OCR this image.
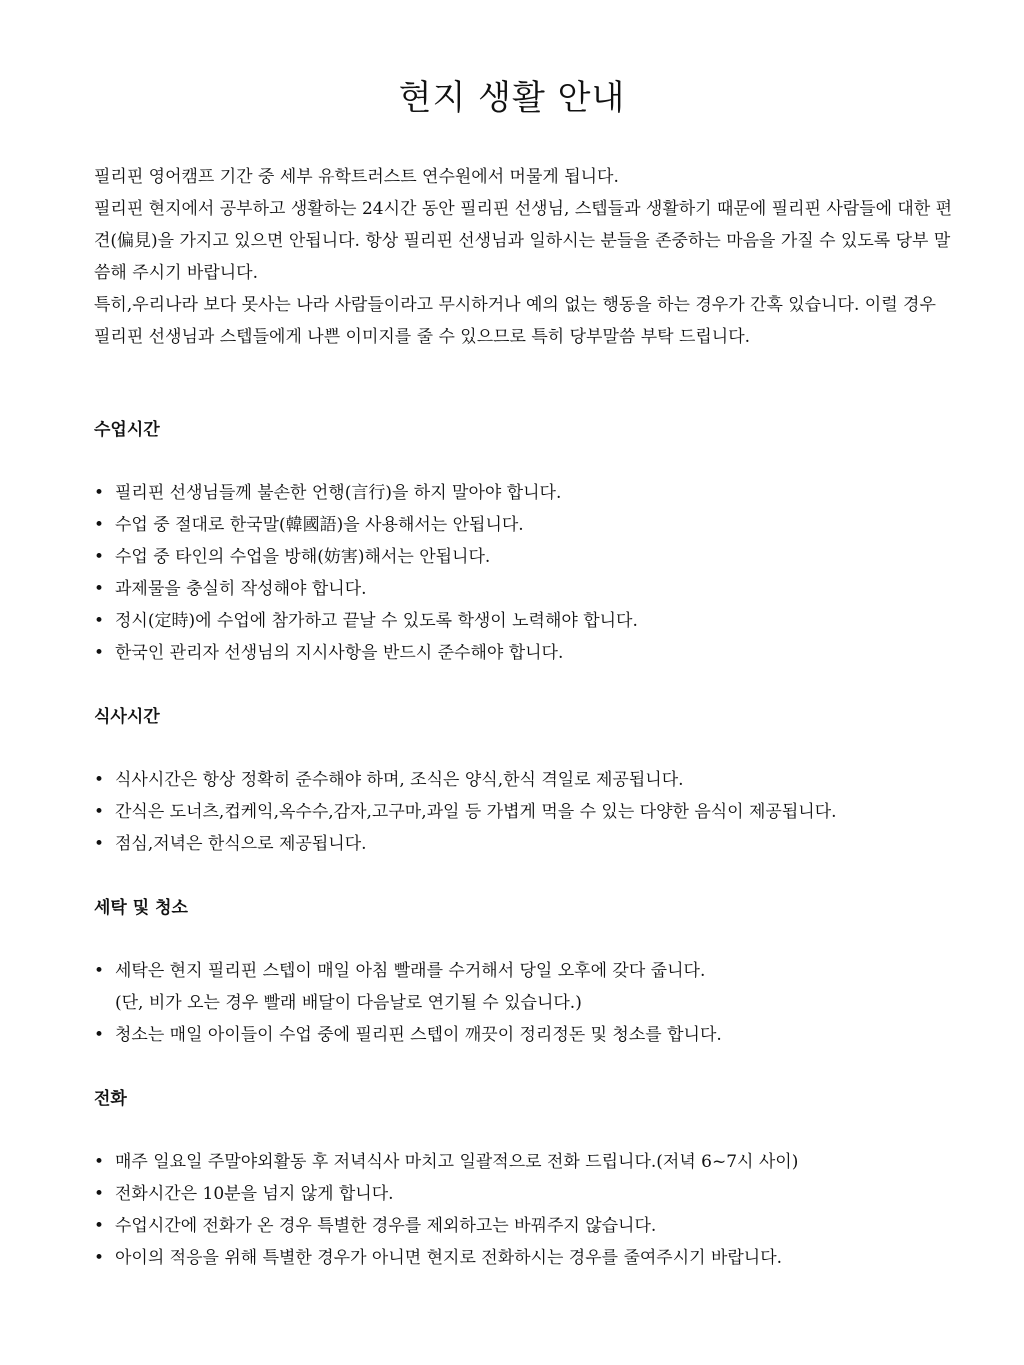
현지 생활 안내

필리핀 영어캠프 기간 중 세부 유학트러스트 연수원에서 머물게 됩니다.

필리핀 현지에서 공부하고 생활하는 24시간 동안 필리핀 선생님, 스텝들과 생활하기 때문에 필리핀 사람들에 대한 편견(偏見)을 가지고 있으면 안됩니다. 항상 필리핀 선생님과 일하시는 분들을 존중하는 마음을 가질 수 있도록 당부 말씀해 주시기 바랍니다.

특히,우리나라 보다 못사는 나라 사람들이라고 무시하거나 예의 없는 행동을 하는 경우가 간혹 있습니다. 이럴 경우 필리핀 선생님과 스텝들에게 나쁜 이미지를 줄 수 있으므로 특히 당부말씀 부탁 드립니다.

수업시간
• 필리핀 선생님들께 불손한 언행(言行)을 하지 말아야 합니다.
• 수업 중 절대로 한국말(韓國語)을 사용해서는 안됩니다.
• 수업 중 타인의 수업을 방해(妨害)해서는 안됩니다.
• 과제물을 충실히 작성해야 합니다.
• 정시(定時)에 수업에 참가하고 끝날 수 있도록 학생이 노력해야 합니다.
• 한국인 관리자 선생님의 지시사항을 반드시 준수해야 합니다.
식사시간
• 식사시간은 항상 정확히 준수해야 하며, 조식은 양식,한식 격일로 제공됩니다.
• 간식은 도너츠,컵케익,옥수수,감자,고구마,과일 등 가볍게 먹을 수 있는 다양한 음식이 제공됩니다.
• 점심,저녁은 한식으로 제공됩니다.
세탁 및 청소
• 세탁은 현지 필리핀 스텝이 매일 아침 빨래를 수거해서 당일 오후에 갖다 줍니다.
(단, 비가 오는 경우 빨래 배달이 다음날로 연기될 수 있습니다.)
• 청소는 매일 아이들이 수업 중에 필리핀 스텝이 깨끗이 정리정돈 및 청소를 합니다.
전화
• 매주 일요일 주말야외활동 후 저녁식사 마치고 일괄적으로 전화 드립니다.(저녁 6~7시 사이)
• 전화시간은 10분을 넘지 않게 합니다.
• 수업시간에 전화가 온 경우 특별한 경우를 제외하고는 바꿔주지 않습니다.
• 아이의 적응을 위해 특별한 경우가 아니면 현지로 전화하시는 경우를 줄여주시기 바랍니다.
